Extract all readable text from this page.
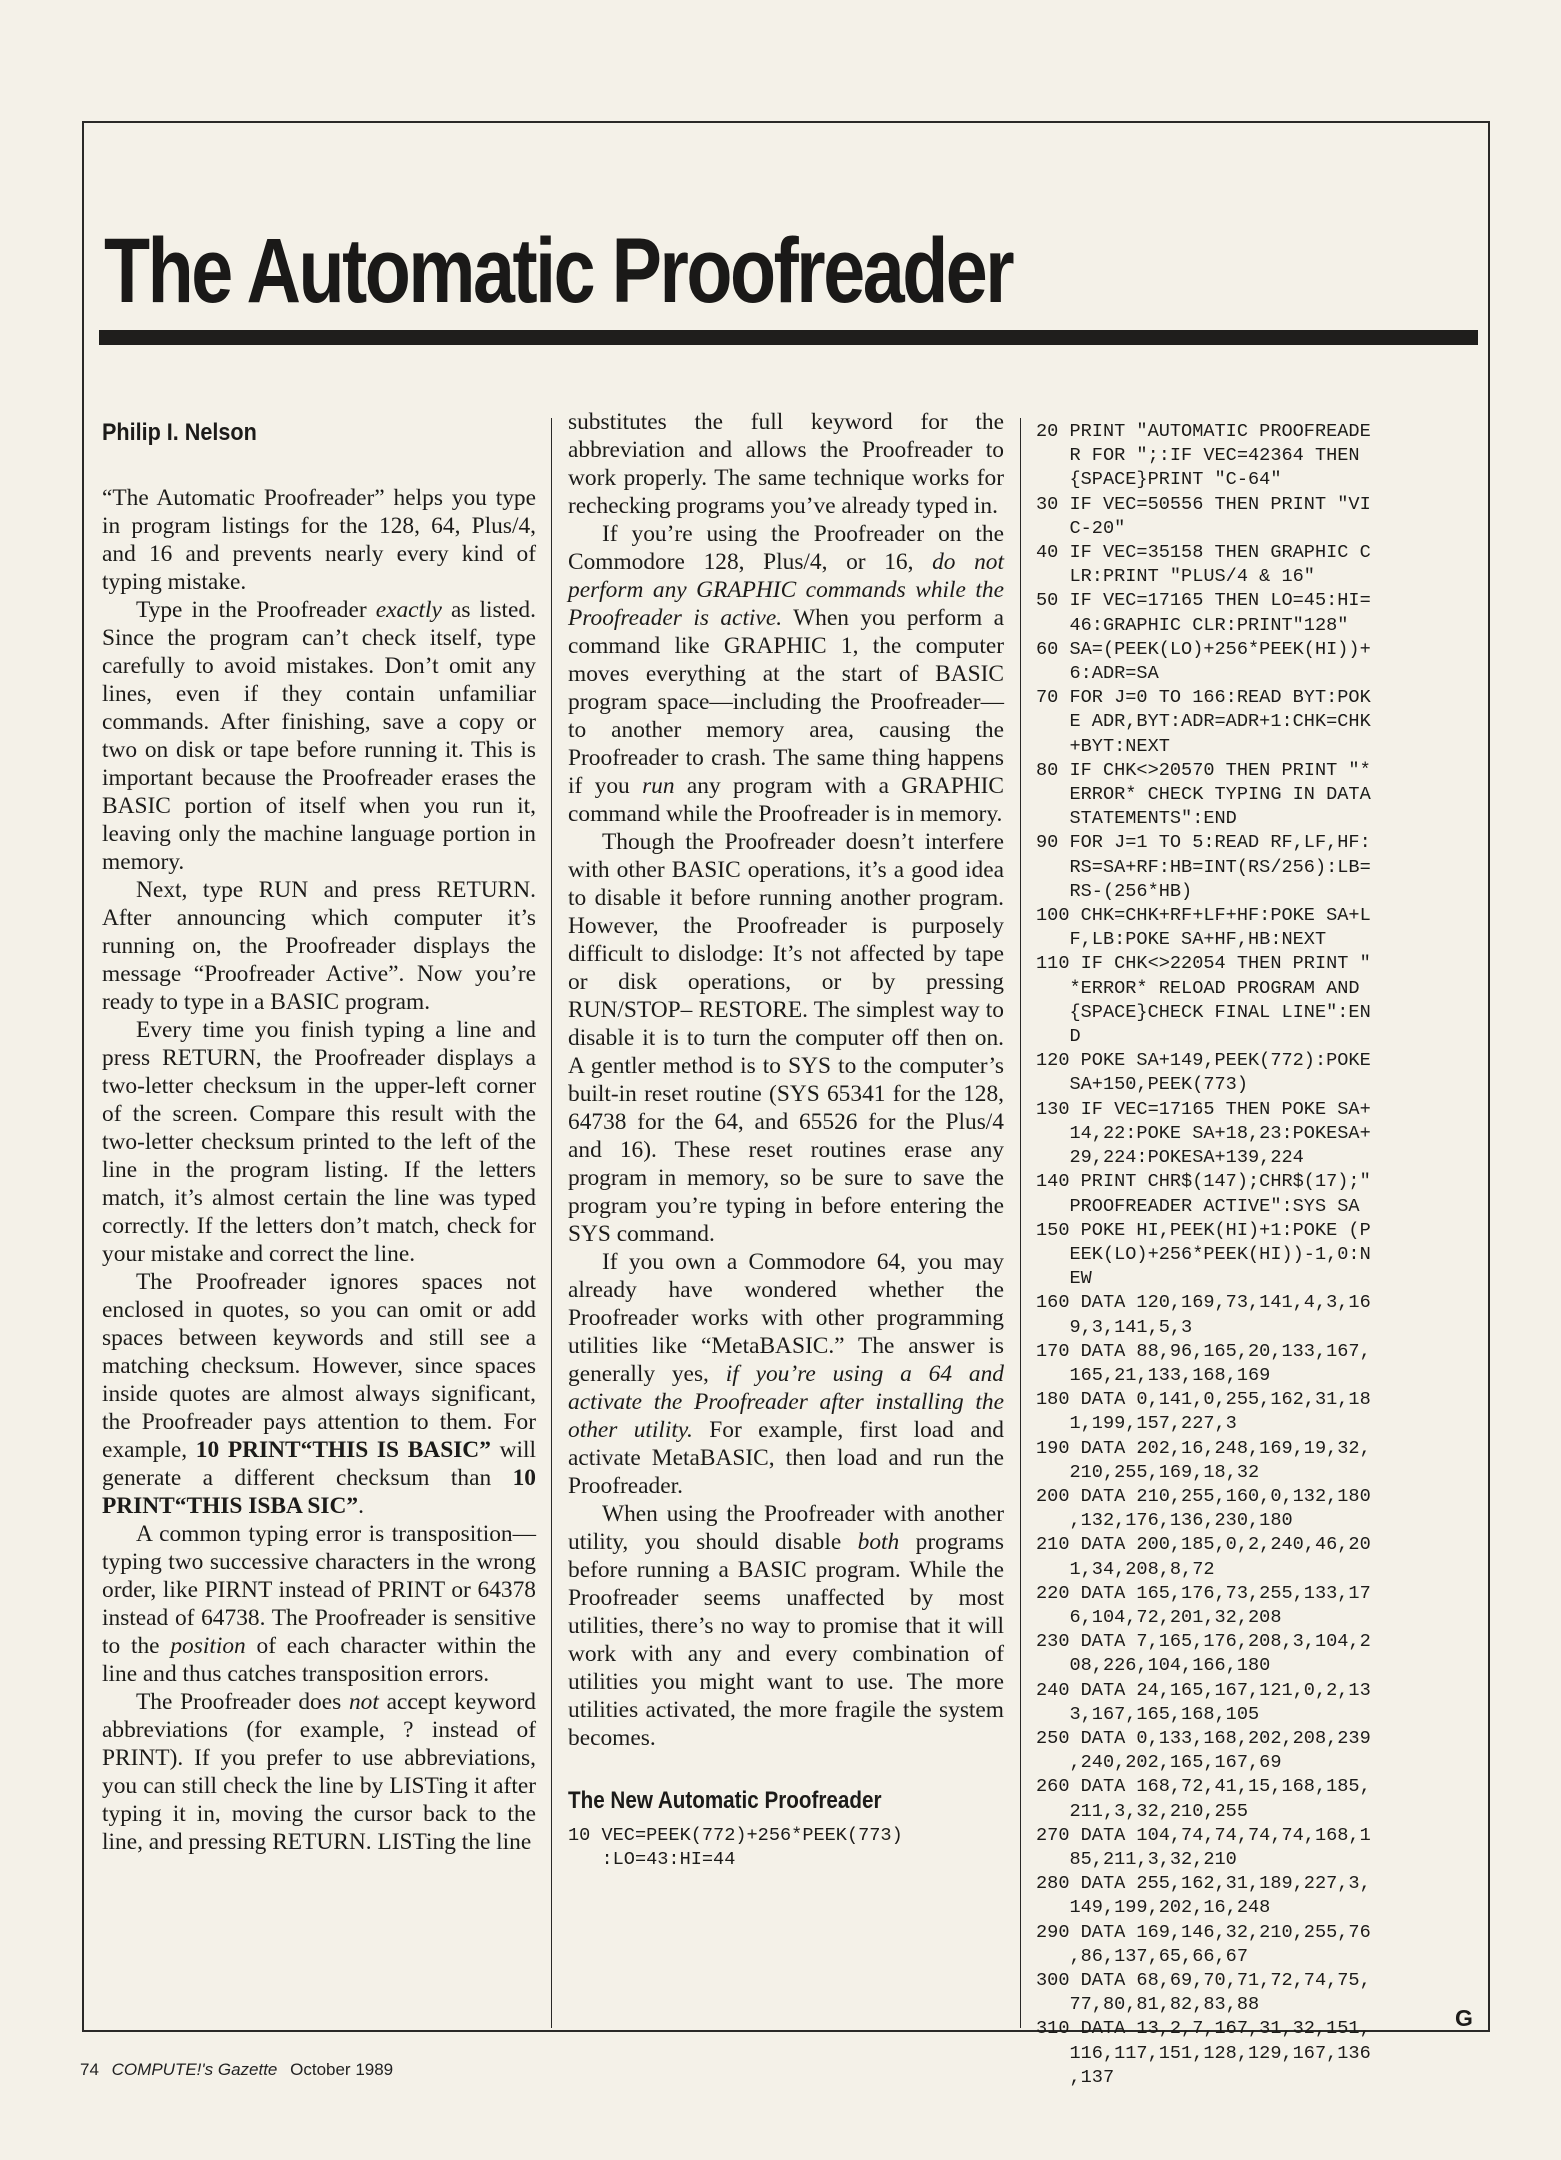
The Automatic Proofreader
Philip I. Nelson

“The Automatic Proofreader” helps you type in program listings for the 128, 64, Plus/4, and 16 and prevents nearly every kind of typing mistake.

Type in the Proofreader exactly as listed. Since the program can’t check itself, type carefully to avoid mistakes. Don’t omit any lines, even if they contain unfamiliar commands. After finishing, save a copy or two on disk or tape before running it. This is important because the Proofreader erases the BASIC portion of itself when you run it, leaving only the machine language portion in memory.

Next, type RUN and press RETURN. After announcing which computer it’s running on, the Proofreader displays the message “Proofreader Active”. Now you’re ready to type in a BASIC program.

Every time you finish typing a line and press RETURN, the Proofreader displays a two-letter checksum in the upper-left corner of the screen. Compare this result with the two-letter checksum printed to the left of the line in the program listing. If the letters match, it’s almost certain the line was typed correctly. If the letters don’t match, check for your mistake and correct the line.

The Proofreader ignores spaces not enclosed in quotes, so you can omit or add spaces between keywords and still see a matching checksum. However, since spaces inside quotes are almost always significant, the Proofreader pays attention to them. For example, 10 PRINT“THIS IS BASIC” will generate a different checksum than 10 PRINT“THIS ISBA SIC”.

A common typing error is transposition—typing two successive characters in the wrong order, like PIRNT instead of PRINT or 64378 instead of 64738. The Proofreader is sensitive to the position of each character within the line and thus catches transposition errors.

The Proofreader does not accept keyword abbreviations (for example, ? instead of PRINT). If you prefer to use abbreviations, you can still check the line by LISTing it after typing it in, moving the cursor back to the line, and pressing RETURN. LISTing the line

substitutes the full keyword for the abbreviation and allows the Proofreader to work properly. The same technique works for rechecking programs you’ve already typed in.

If you’re using the Proofreader on the Commodore 128, Plus/4, or 16, do not perform any GRAPHIC commands while the Proofreader is active. When you perform a command like GRAPHIC 1, the computer moves everything at the start of BASIC program space—including the Proofreader—to another memory area, causing the Proofreader to crash. The same thing happens if you run any program with a GRAPHIC command while the Proofreader is in memory.

Though the Proofreader doesn’t interfere with other BASIC operations, it’s a good idea to disable it before running another program. However, the Proofreader is purposely difficult to dislodge: It’s not affected by tape or disk operations, or by pressing RUN/STOP– RESTORE. The simplest way to disable it is to turn the computer off then on. A gentler method is to SYS to the computer’s built-in reset routine (SYS 65341 for the 128, 64738 for the 64, and 65526 for the Plus/4 and 16). These reset routines erase any program in memory, so be sure to save the program you’re typing in before entering the SYS command.

If you own a Commodore 64, you may already have wondered whether the Proofreader works with other programming utilities like “MetaBASIC.” The answer is generally yes, if you’re using a 64 and activate the Proofreader after installing the other utility. For example, first load and activate MetaBASIC, then load and run the Proofreader.

When using the Proofreader with another utility, you should disable both programs before running a BASIC program. While the Proofreader seems unaffected by most utilities, there’s no way to promise that it will work with any and every combination of utilities you might want to use. The more utilities activated, the more fragile the system becomes.

The New Automatic Proofreader
10 VEC=PEEK(772)+256*PEEK(773)
:LO=43:HI=44
20 PRINT "AUTOMATIC PROOFREADE
R FOR ";:IF VEC=42364 THEN
{SPACE}PRINT "C-64"
30 IF VEC=50556 THEN PRINT "VI
C-20"
40 IF VEC=35158 THEN GRAPHIC C
LR:PRINT "PLUS/4 & 16"
50 IF VEC=17165 THEN LO=45:HI=
46:GRAPHIC CLR:PRINT"128"
60 SA=(PEEK(LO)+256*PEEK(HI))+
6:ADR=SA
70 FOR J=0 TO 166:READ BYT:POK
E ADR,BYT:ADR=ADR+1:CHK=CHK
+BYT:NEXT
80 IF CHK<>20570 THEN PRINT "*
ERROR* CHECK TYPING IN DATA
STATEMENTS":END
90 FOR J=1 TO 5:READ RF,LF,HF:
RS=SA+RF:HB=INT(RS/256):LB=
RS-(256*HB)
100 CHK=CHK+RF+LF+HF:POKE SA+L
F,LB:POKE SA+HF,HB:NEXT
110 IF CHK<>22054 THEN PRINT "
*ERROR* RELOAD PROGRAM AND
{SPACE}CHECK FINAL LINE":EN
D
120 POKE SA+149,PEEK(772):POKE
SA+150,PEEK(773)
130 IF VEC=17165 THEN POKE SA+
14,22:POKE SA+18,23:POKESA+
29,224:POKESA+139,224
140 PRINT CHR$(147);CHR$(17);"
PROOFREADER ACTIVE":SYS SA
150 POKE HI,PEEK(HI)+1:POKE (P
EEK(LO)+256*PEEK(HI))-1,0:N
EW
160 DATA 120,169,73,141,4,3,16
9,3,141,5,3
170 DATA 88,96,165,20,133,167,
165,21,133,168,169
180 DATA 0,141,0,255,162,31,18
1,199,157,227,3
190 DATA 202,16,248,169,19,32,
210,255,169,18,32
200 DATA 210,255,160,0,132,180
,132,176,136,230,180
210 DATA 200,185,0,2,240,46,20
1,34,208,8,72
220 DATA 165,176,73,255,133,17
6,104,72,201,32,208
230 DATA 7,165,176,208,3,104,2
08,226,104,166,180
240 DATA 24,165,167,121,0,2,13
3,167,165,168,105
250 DATA 0,133,168,202,208,239
,240,202,165,167,69
260 DATA 168,72,41,15,168,185,
211,3,32,210,255
270 DATA 104,74,74,74,74,168,1
85,211,3,32,210
280 DATA 255,162,31,189,227,3,
149,199,202,16,248
290 DATA 169,146,32,210,255,76
,86,137,65,66,67
300 DATA 68,69,70,71,72,74,75,
77,80,81,82,83,88
310 DATA 13,2,7,167,31,32,151,
116,117,151,128,129,167,136
,137
G
74 COMPUTE!'s Gazette October 1989
